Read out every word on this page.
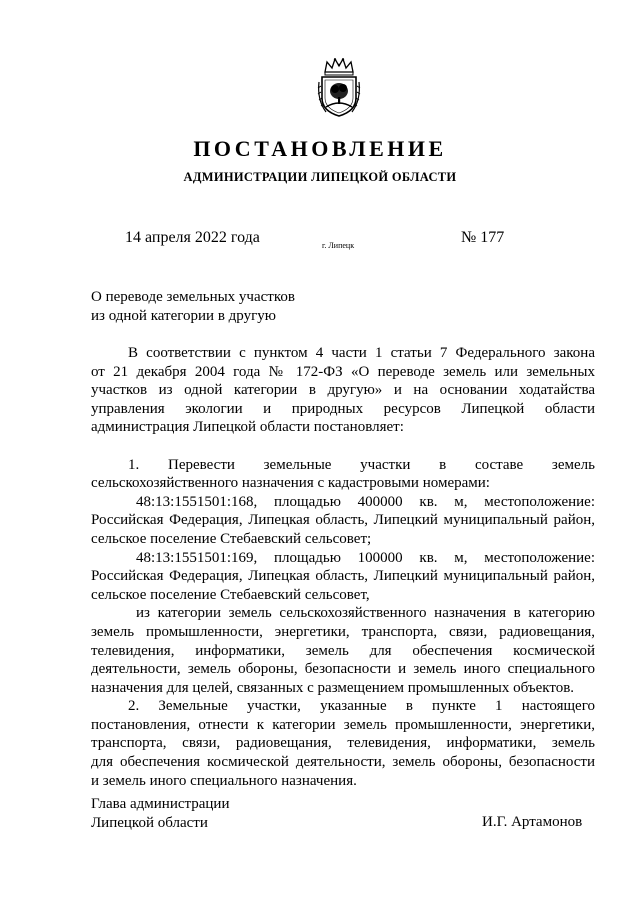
ПОСТАНОВЛЕНИЕ
АДМИНИСТРАЦИИ ЛИПЕЦКОЙ ОБЛАСТИ
14 апреля 2022 года	г. Липецк	№ 177
О переводе земельных участков
из одной категории в другую

В соответствии с пунктом 4 части 1 статьи 7 Федерального закона

от 21 декабря 2004 года № 172-ФЗ «О переводе земель или земельных

участков из одной категории в другую» и на основании ходатайства

управления экологии и природных ресурсов Липецкой области

администрация Липецкой области постановляет:

1. Перевести земельные участки в составе земель

сельскохозяйственного назначения с кадастровыми номерами:

48:13:1551501:168, площадью 400000 кв. м, местоположение:

Российская Федерация, Липецкая область, Липецкий муниципальный район,

сельское поселение Стебаевский сельсовет;

48:13:1551501:169, площадью 100000 кв. м, местоположение:

Российская Федерация, Липецкая область, Липецкий муниципальный район,

сельское поселение Стебаевский сельсовет,

из категории земель сельскохозяйственного назначения в категорию

земель промышленности, энергетики, транспорта, связи, радиовещания,

телевидения, информатики, земель для обеспечения космической

деятельности, земель обороны, безопасности и земель иного специального

назначения для целей, связанных с размещением промышленных объектов.

2. Земельные участки, указанные в пункте 1 настоящего

постановления, отнести к категории земель промышленности, энергетики,

транспорта, связи, радиовещания, телевидения, информатики, земель

для обеспечения космической деятельности, земель обороны, безопасности

и земель иного специального назначения.

Глава администрации
Липецкой области	И.Г. Артамонов
